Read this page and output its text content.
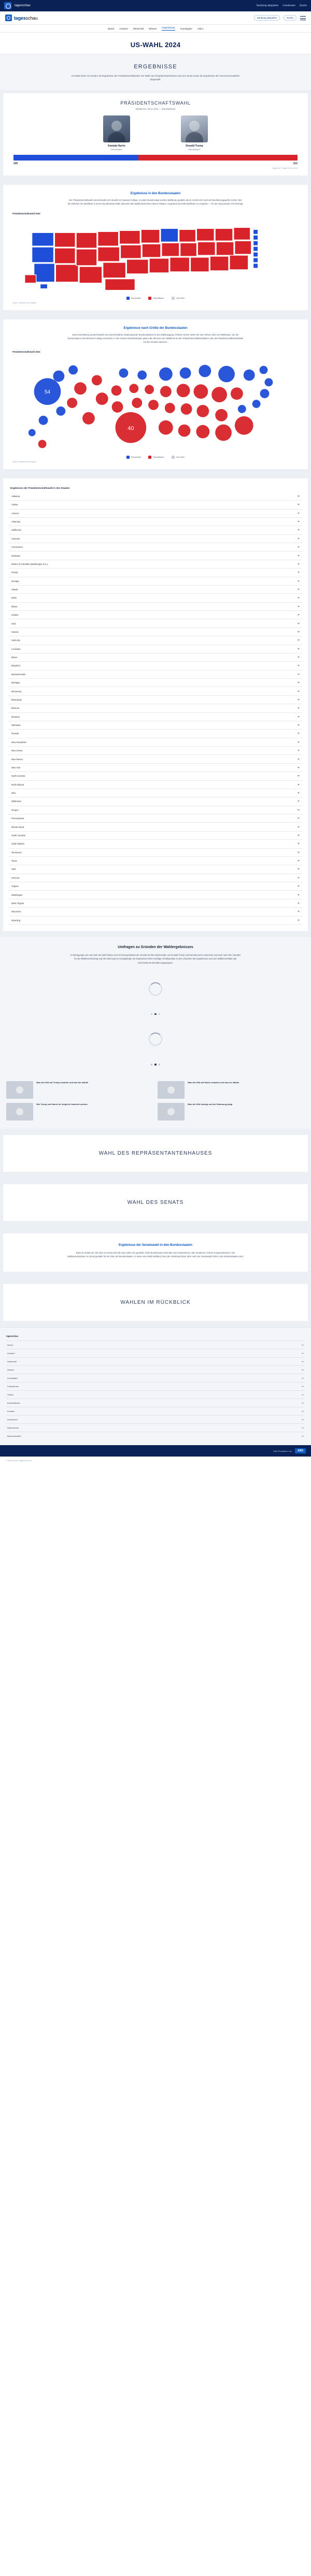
tagesschau	Sendung abspielen Livestream Suche
tagesschau	Sendung abspielen	Suche
Inland Ausland Wirtschaft Wissen Faktenfinder Investigativ Video
US-WAHL 2024
ERGEBNISSE
US-Wahl 2024: Es werden die Ergebnisse der Präsidentschaftswahl, der Wahl zum Repräsentantenhaus und zum Senat sowie die Ergebnisse der Gouverneurswahlen dargestellt.
PRÄSIDENTSCHAFTSWAHL
Wahltermin: 05.11.2024 — 538 Wahlleute
Kamala Harris
Demokraten
Donald Trump
Republikaner
226	312
Quelle: AP / Stand: 06.11.2024
Ergebnisse in den Bundesstaaten
Der Präsidentschaftswahl unterscheidet sich deutlich im National College. In jedem Bundesstaat werden Wahlleute gewählt, deren Anzahl sich nach der Bevölkerungsgröße richtet. Wer die Mehrheit der Wahlleute in einem Bundesstaat erhält, bekommt alle Wahlleutestimmen dieses Staates. Insgesamt sind 538 Wahlleute zu vergeben — für den Sieg werden 270 benötigt.
Präsidentschaftswahl 2024
Demokraten	Republikaner	noch offen
Quelle: Wahldaten der Staaten
Ergebnisse nach Größe der Bundesstaaten
Diese Darstellung veranschaulicht die unterschiedliche Bedeutung der Bundesstaaten für den Wahlausgang. Größere Kreise stehen für eine höhere Zahl von Wahlleuten, die der Bundesstaat in das Electoral College entsendet. In den meisten Bundesstaaten gehen alle Stimmen der Wahlleute an den Präsidentschaftskandidaten oder die Präsidentschaftskandidatin mit den meisten Stimmen.
Präsidentschaftswahl 2024
54
40
Demokraten	Republikaner	noch offen
Quelle: Wahldaten der Staaten
Ergebnisse der Präsidentschaftswahl in den Staaten
Alabama
Alaska
Arizona
Arkansas
Kalifornien
Colorado
Connecticut
Delaware
District of Columbia (Washington D.C.)
Florida
Georgia
Hawaii
Idaho
Illinois
Indiana
Iowa
Kansas
Kentucky
Louisiana
Maine
Maryland
Massachusetts
Michigan
Minnesota
Mississippi
Missouri
Montana
Nebraska
Nevada
New Hampshire
New Jersey
New Mexico
New York
North Carolina
North Dakota
Ohio
Oklahoma
Oregon
Pennsylvania
Rhode Island
South Carolina
South Dakota
Tennessee
Texas
Utah
Vermont
Virginia
Washington
West Virginia
Wisconsin
Wyoming
Umfragen zu Gründen der Wahlergebnisses

In Befragungen am und nach der Wahl haben US-Forschungsinstitute die Gründe für das Abschneiden von Donald Trump und Kamala Harris untersucht und auch nach den Gründen für die Wahlentscheidung und die Stimmung im sozialgefragt. Die Ergebnisse liefern wichtige Anhaltspunkte zu den Ursachen des Ergebnisses und zum Wählerverhalten der verschiedenen Bevölkerungsgruppen.

Was die USA auf Trump erwarten und was ihn wählte	Was die USA auf Harris erwarten und was sie wählte
Wie Trump und Harris im Vergleich bewertet werden	Was die USA bewegt und die Stimmung prägt
WAHL DES REPRÄSENTANTENHAUSES
WAHL DES SENATS
Ergebnisse der Senatswahl in den Bundesstaaten

Etwa ein Drittel der 100 Sitze im Senat wird alle zwei Jahre neu gewählt. Jeder Bundesstaat entsendet zwei Senatorinnen oder Senatoren in diese Kongresskammer. Die Wahlperiodendauer im Senat gestalte für die Sitze der Bundesstaaten, in denen eine Wahl stattfand, über die Verteilung dieser Sitze nach der Senatswahl 2024 in den Bundesstaaten sind.

WAHLEN IM RÜCKBLICK
tagesschau
Inland
Ausland
Wirtschaft
Wissen
Investigativ
Faktenfinder
Videos
Bundesländer
Kontakt
Impressum
Datenschutz
Barrierefreiheit
Eine Produktion von	ARD
© ARD aktuell / tagesschau.de
